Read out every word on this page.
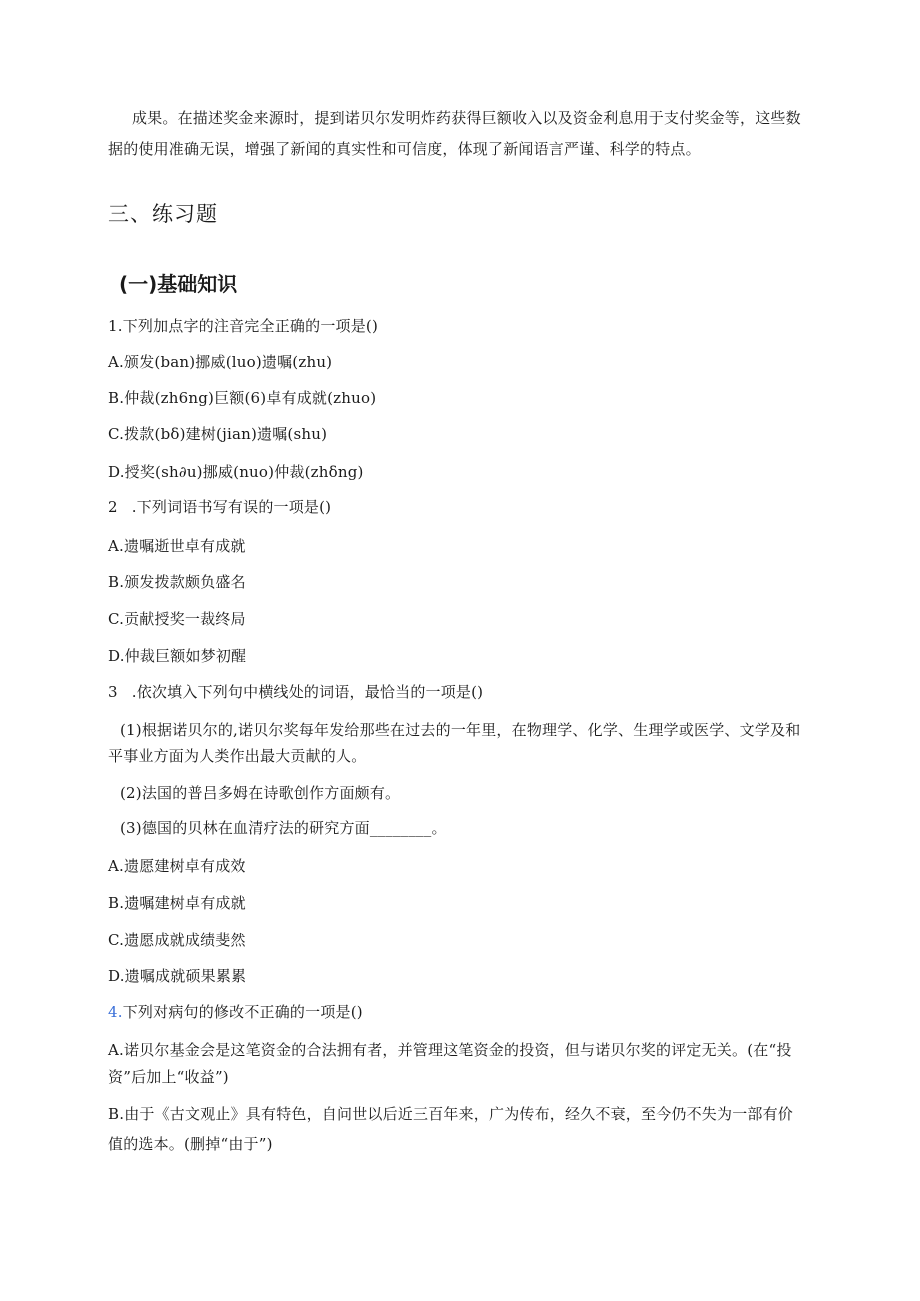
成果。在描述奖金来源时，提到诺贝尔发明炸药获得巨额收入以及资金利息用于支付奖金等，这些数
据的使用准确无误，增强了新闻的真实性和可信度，体现了新闻语言严谨、科学的特点。
三、练习题
(一)基础知识
1.下列加点字的注音完全正确的一项是()
A.颁发(ban)挪威(luo)遗嘱(zhu)
B.仲裁(zh6ng)巨额(6)卓有成就(zhuo)
C.拨款(bδ)建树(jian)遗嘱(shu)
D.授奖(sh∂u)挪威(nuo)仲裁(zhδng)
2 .下列词语书写有误的一项是()
A.遗嘱逝世卓有成就
B.颁发拨款颇负盛名
C.贡献授奖一裁终局
D.仲裁巨额如梦初醒
3 .依次填入下列句中横线处的词语，最恰当的一项是()
(1)根据诺贝尔的,诺贝尔奖每年发给那些在过去的一年里，在物理学、化学、生理学或医学、文学及和
平事业方面为人类作出最大贡献的人。
(2)法国的普吕多姆在诗歌创作方面颇有。
(3)德国的贝林在血清疗法的研究方面________。
A.遗愿建树卓有成效
B.遗嘱建树卓有成就
C.遗愿成就成绩斐然
D.遗嘱成就硕果累累
4.下列对病句的修改不正确的一项是()
A.诺贝尔基金会是这笔资金的合法拥有者，并管理这笔资金的投资，但与诺贝尔奖的评定无关。(在“投
资”后加上“收益”)
B.由于《古文观止》具有特色，自问世以后近三百年来，广为传布，经久不衰，至今仍不失为一部有价
值的选本。(删掉“由于”)
